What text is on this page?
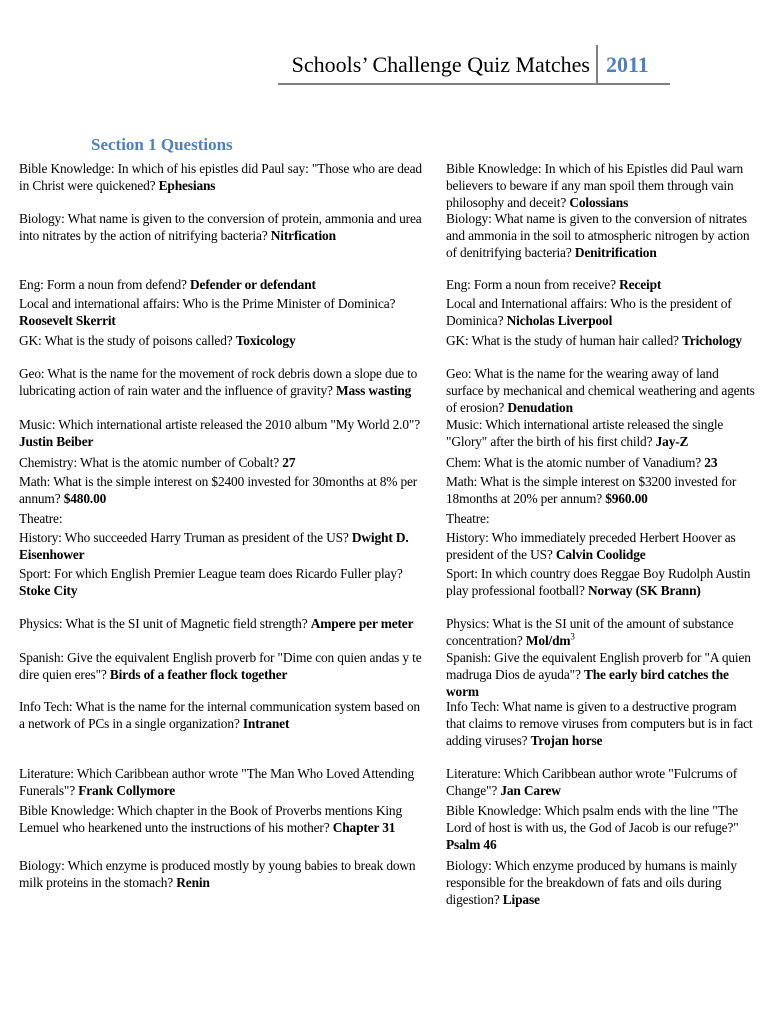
Schools’ Challenge Quiz Matches 2011
Section 1 Questions
Bible Knowledge: In which of his epistles did Paul say: "Those who are dead in Christ were quickened? Ephesians
Biology: What name is given to the conversion of protein, ammonia and urea into nitrates by the action of nitrifying bacteria? Nitrfication
Eng: Form a noun from defend? Defender or defendant
Local and international affairs: Who is the Prime Minister of Dominica? Roosevelt Skerrit
GK: What is the study of poisons called? Toxicology
Geo: What is the name for the movement of rock debris down a slope due to lubricating action of rain water and the influence of gravity? Mass wasting
Music: Which international artiste released the 2010 album "My World 2.0"? Justin Beiber
Chemistry: What is the atomic number of Cobalt? 27
Math: What is the simple interest on $2400 invested for 30months at 8% per annum? $480.00
Theatre:
History: Who succeeded Harry Truman as president of the US? Dwight D. Eisenhower
Sport: For which English Premier League team does Ricardo Fuller play? Stoke City
Physics: What is the SI unit of Magnetic field strength? Ampere per meter
Spanish: Give the equivalent English proverb for "Dime con quien andas y te dire quien eres"? Birds of a feather flock together
Info Tech: What is the name for the internal communication system based on a network of PCs in a single organization? Intranet
Literature: Which Caribbean author wrote "The Man Who Loved Attending Funerals"? Frank Collymore
Bible Knowledge: Which chapter in the Book of Proverbs mentions King Lemuel who hearkened unto the instructions of his mother? Chapter 31
Biology: Which enzyme is produced mostly by young babies to break down milk proteins in the stomach? Renin
Bible Knowledge: In which of his Epistles did Paul warn believers to beware if any man spoil them through vain philosophy and deceit? Colossians
Biology: What name is given to the conversion of nitrates and ammonia in the soil to atmospheric nitrogen by action of denitrifying bacteria? Denitrification
Eng: Form a noun from receive? Receipt
Local and International affairs: Who is the president of Dominica? Nicholas Liverpool
GK: What is the study of human hair called? Trichology
Geo: What is the name for the wearing away of land surface by mechanical and chemical weathering and agents of erosion? Denudation
Music: Which international artiste released the single "Glory" after the birth of his first child? Jay-Z
Chem: What is the atomic number of Vanadium? 23
Math: What is the simple interest on $3200 invested for 18months at 20% per annum? $960.00
Theatre:
History: Who immediately preceded Herbert Hoover as president of the US? Calvin Coolidge
Sport: In which country does Reggae Boy Rudolph Austin play professional football? Norway (SK Brann)
Physics: What is the SI unit of the amount of substance concentration? Mol/$dm^3$
Spanish: Give the equivalent English proverb for "A quien madruga Dios de ayuda"? The early bird catches the worm
Info Tech: What name is given to a destructive program that claims to remove viruses from computers but is in fact adding viruses? Trojan horse
Literature: Which Caribbean author wrote "Fulcrums of Change"? Jan Carew
Bible Knowledge: Which psalm ends with the line "The Lord of host is with us, the God of Jacob is our refuge?" Psalm 46
Biology: Which enzyme produced by humans is mainly responsible for the breakdown of fats and oils during digestion? Lipase
